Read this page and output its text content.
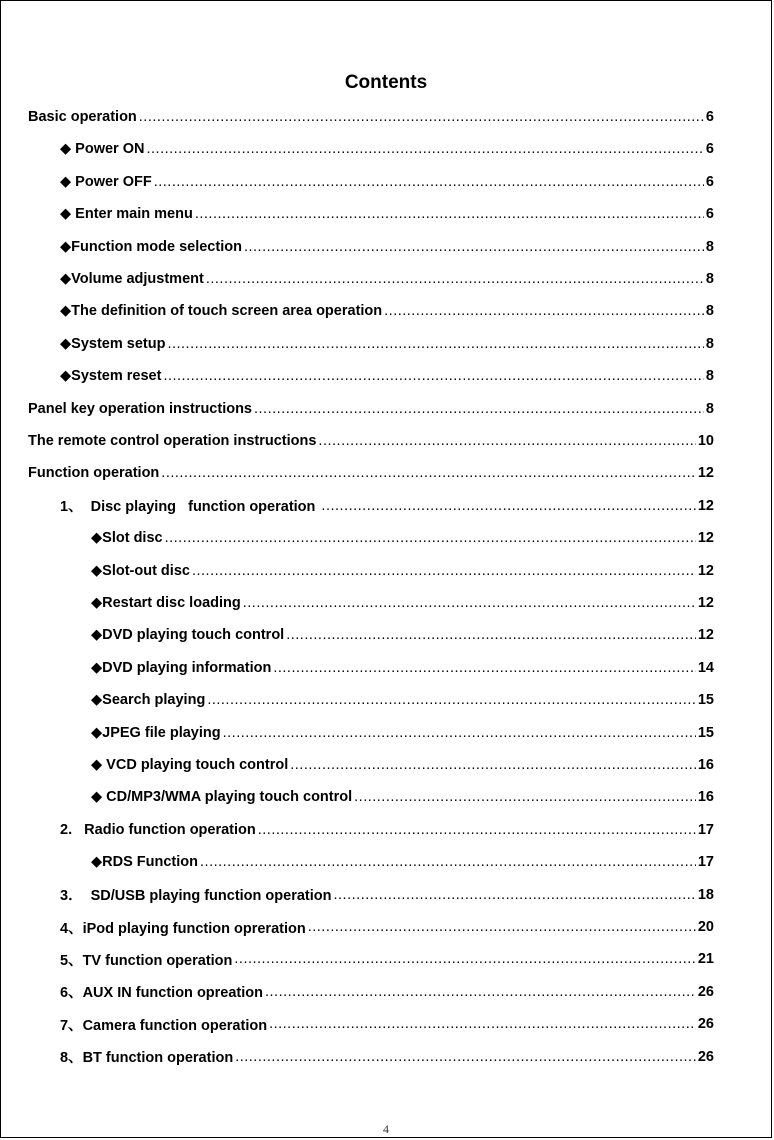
Contents
Basic operation .....	6
◆ Power ON .....	6
◆ Power OFF .....	6
◆ Enter main menu .....	6
◆Function mode selection .....	8
◆Volume adjustment .....	8
◆The definition of touch screen area operation .....	8
◆System setup .....	8
◆System reset .....	8
Panel key operation instructions .....	8
The remote control operation instructions .....	10
Function operation .....	12
1、  Disc playing   function operation .....	12
◆Slot disc .....	12
◆Slot-out disc .....	12
◆Restart disc loading .....	12
◆DVD playing touch control .....	12
◆DVD playing information .....	14
◆Search playing .....	15
◆JPEG file playing .....	15
◆ VCD playing touch control .....	16
◆ CD/MP3/WMA playing touch control .....	16
2.   Radio function operation .....	17
◆RDS Function .....	17
3．  SD/USB playing function operation .....	18
4、iPod playing function opreration .....	20
5、TV function operation .....	21
6、AUX IN function opreation .....	26
7、Camera function operation .....	26
8、BT function operation .....	26
4
